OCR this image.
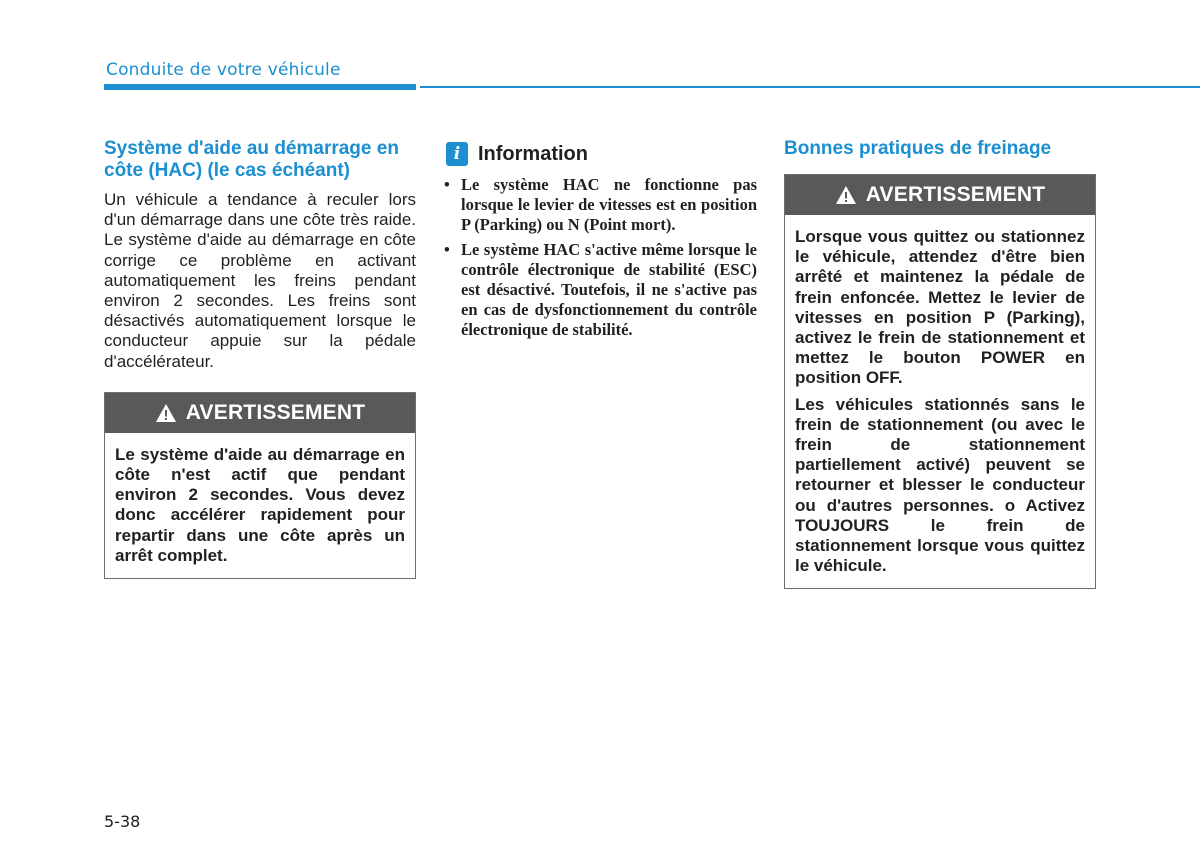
Conduite de votre véhicule
Système d'aide au démarrage en côte (HAC) (le cas échéant)

Un véhicule a tendance à reculer lors d'un démarrage dans une côte très raide. Le système d'aide au démarrage en côte corrige ce problème en activant automatiquement les freins pendant environ 2 secondes. Les freins sont désactivés automatiquement lorsque le conducteur appuie sur la pédale d'accélérateur.

AVERTISSEMENT

Le système d'aide au démarrage en côte n'est actif que pendant environ 2 secondes. Vous devez donc accélérer rapidement pour repartir dans une côte après un arrêt complet.

i Information
• Le système HAC ne fonctionne pas lorsque le levier de vitesses est en position P (Parking) ou N (Point mort).
• Le système HAC s'active même lorsque le contrôle électronique de stabilité (ESC) est désactivé. Toutefois, il ne s'active pas en cas de dysfonctionnement du contrôle électronique de stabilité.
Bonnes pratiques de freinage
AVERTISSEMENT

Lorsque vous quittez ou stationnez le véhicule, attendez d'être bien arrêté et maintenez la pédale de frein enfoncée. Mettez le levier de vitesses en position P (Parking), activez le frein de stationnement et mettez le bouton POWER en position OFF.

Les véhicules stationnés sans le frein de stationnement (ou avec le frein de stationnement partiellement activé) peuvent se retourner et blesser le conducteur ou d'autres personnes. o Activez TOUJOURS le frein de stationnement lorsque vous quittez le véhicule.

5-38
